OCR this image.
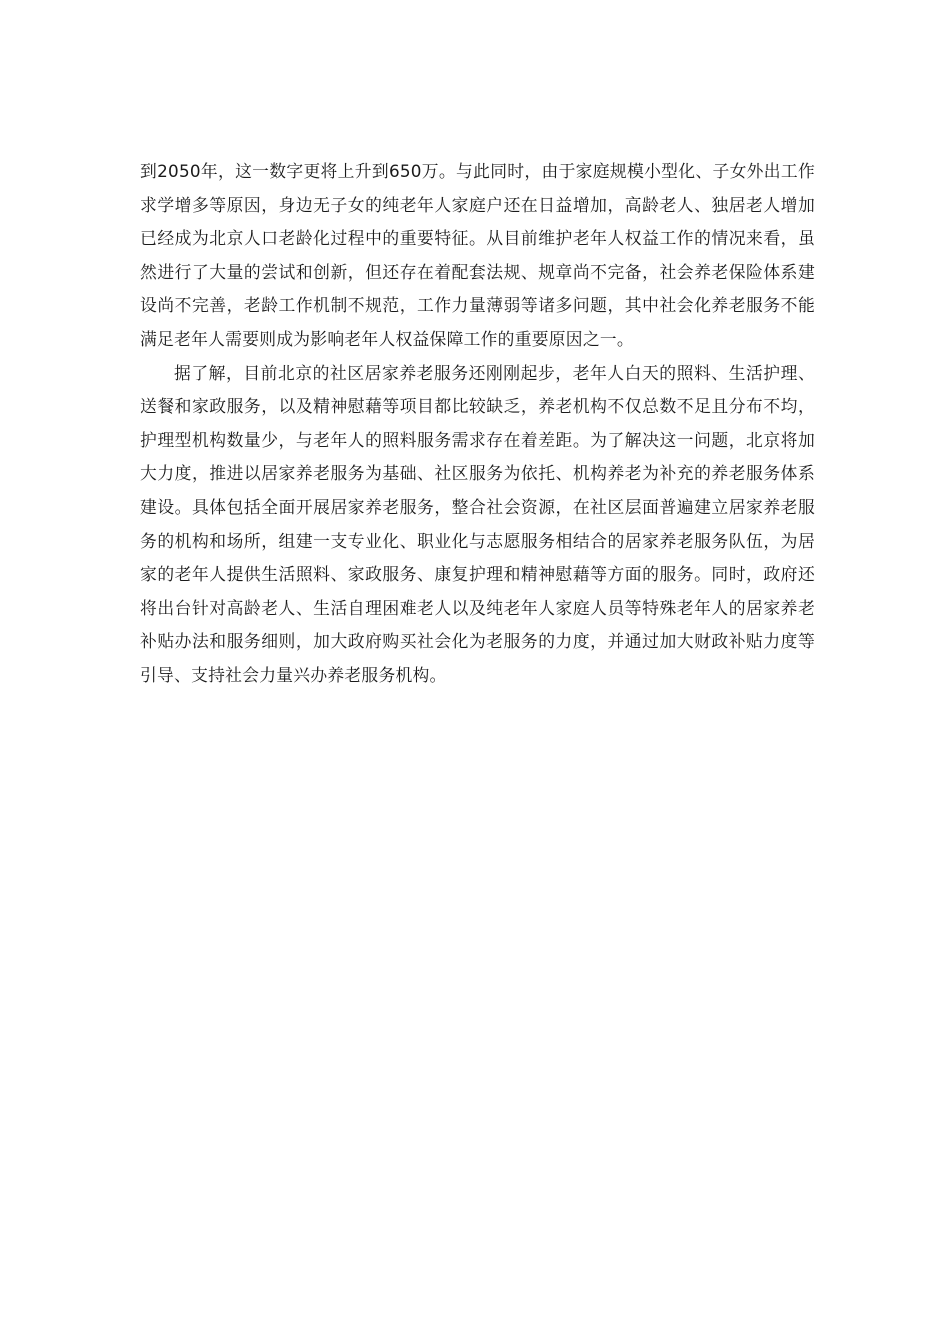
到2050年，这一数字更将上升到650万。与此同时，由于家庭规模小型化、子女外出工作求学增多等原因，身边无子女的纯老年人家庭户还在日益增加，高龄老人、独居老人增加已经成为北京人口老龄化过程中的重要特征。从目前维护老年人权益工作的情况来看，虽然进行了大量的尝试和创新，但还存在着配套法规、规章尚不完备，社会养老保险体系建设尚不完善，老龄工作机制不规范，工作力量薄弱等诸多问题，其中社会化养老服务不能满足老年人需要则成为影响老年人权益保障工作的重要原因之一。

据了解，目前北京的社区居家养老服务还刚刚起步，老年人白天的照料、生活护理、送餐和家政服务，以及精神慰藉等项目都比较缺乏，养老机构不仅总数不足且分布不均，护理型机构数量少，与老年人的照料服务需求存在着差距。为了解决这一问题，北京将加大力度，推进以居家养老服务为基础、社区服务为依托、机构养老为补充的养老服务体系建设。具体包括全面开展居家养老服务，整合社会资源，在社区层面普遍建立居家养老服务的机构和场所，组建一支专业化、职业化与志愿服务相结合的居家养老服务队伍，为居家的老年人提供生活照料、家政服务、康复护理和精神慰藉等方面的服务。同时，政府还将出台针对高龄老人、生活自理困难老人以及纯老年人家庭人员等特殊老年人的居家养老补贴办法和服务细则，加大政府购买社会化为老服务的力度，并通过加大财政补贴力度等引导、支持社会力量兴办养老服务机构。
